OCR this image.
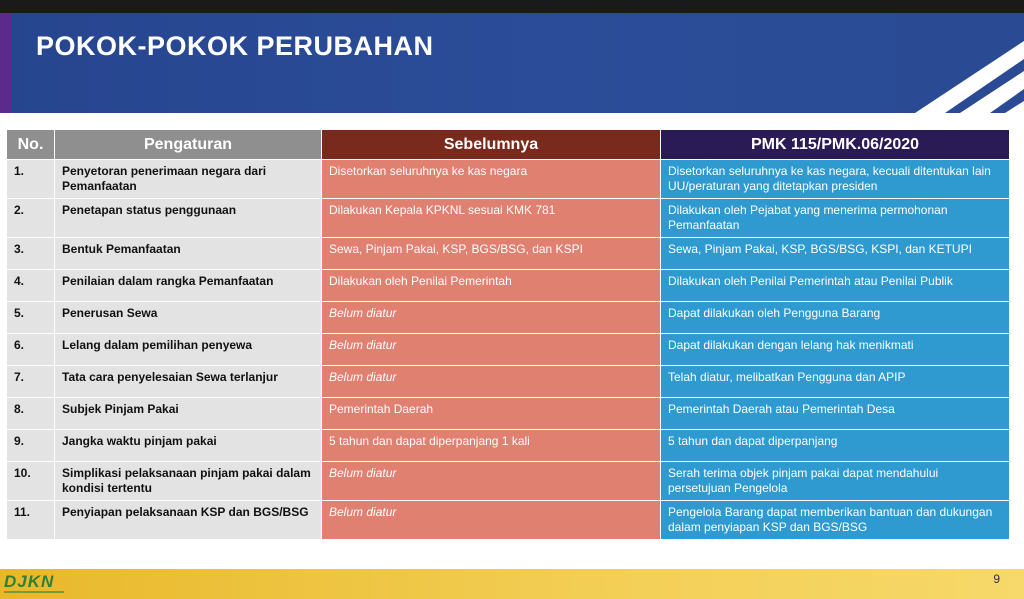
POKOK-POKOK PERUBAHAN
No.	Pengaturan	Sebelumnya	PMK 115/PMK.06/2020
1.	Penyetoran penerimaan negara dari Pemanfaatan	Disetorkan seluruhnya ke kas negara	Disetorkan seluruhnya ke kas negara, kecuali ditentukan lain UU/peraturan yang ditetapkan presiden
2.	Penetapan status penggunaan	Dilakukan Kepala KPKNL sesuai KMK 781	Dilakukan oleh Pejabat yang menerima permohonan Pemanfaatan
3.	Bentuk Pemanfaatan	Sewa, Pinjam Pakai, KSP, BGS/BSG, dan KSPI	Sewa, Pinjam Pakai, KSP, BGS/BSG, KSPI, dan KETUPI
4.	Penilaian dalam rangka Pemanfaatan	Dilakukan oleh Penilai Pemerintah	Dilakukan oleh Penilai Pemerintah atau Penilai Publik
5.	Penerusan Sewa	Belum diatur	Dapat dilakukan oleh Pengguna Barang
6.	Lelang dalam pemilihan penyewa	Belum diatur	Dapat dilakukan dengan lelang hak menikmati
7.	Tata cara penyelesaian Sewa terlanjur	Belum diatur	Telah diatur, melibatkan Pengguna dan APIP
8.	Subjek Pinjam Pakai	Pemerintah Daerah	Pemerintah Daerah atau Pemerintah Desa
9.	Jangka waktu pinjam pakai	5 tahun dan dapat diperpanjang 1 kali	5 tahun dan dapat diperpanjang
10.	Simplikasi pelaksanaan pinjam pakai dalam kondisi tertentu	Belum diatur	Serah terima objek pinjam pakai dapat mendahului persetujuan Pengelola
11.	Penyiapan pelaksanaan KSP dan BGS/BSG	Belum diatur	Pengelola Barang dapat memberikan bantuan dan dukungan dalam penyiapan KSP dan BGS/BSG
DJKN	9
